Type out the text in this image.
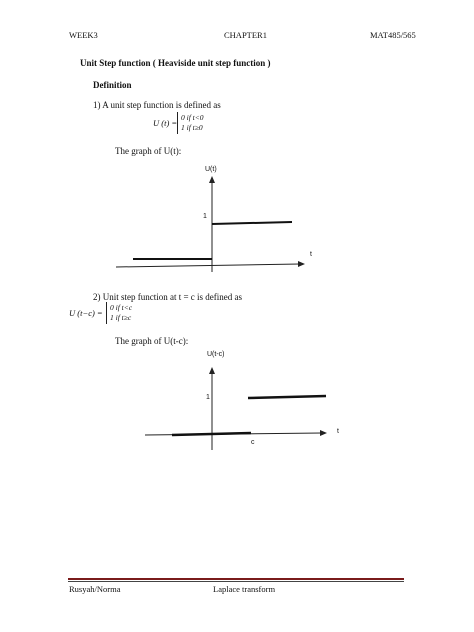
WEEK3	CHAPTER1	MAT485/565
Unit Step function ( Heaviside unit step function )
Definition
1) A unit step function is defined as
U (t) =
0 if t<0
1 if t≥0
The graph of U(t):
U(t)
1
t
2) Unit step function at t = c is defined as
U (t−c) =
0 if t<c
1 if t≥c
The graph of U(t-c):
U(t-c)
1
t
c
Rusyah/Norma	Laplace transform
